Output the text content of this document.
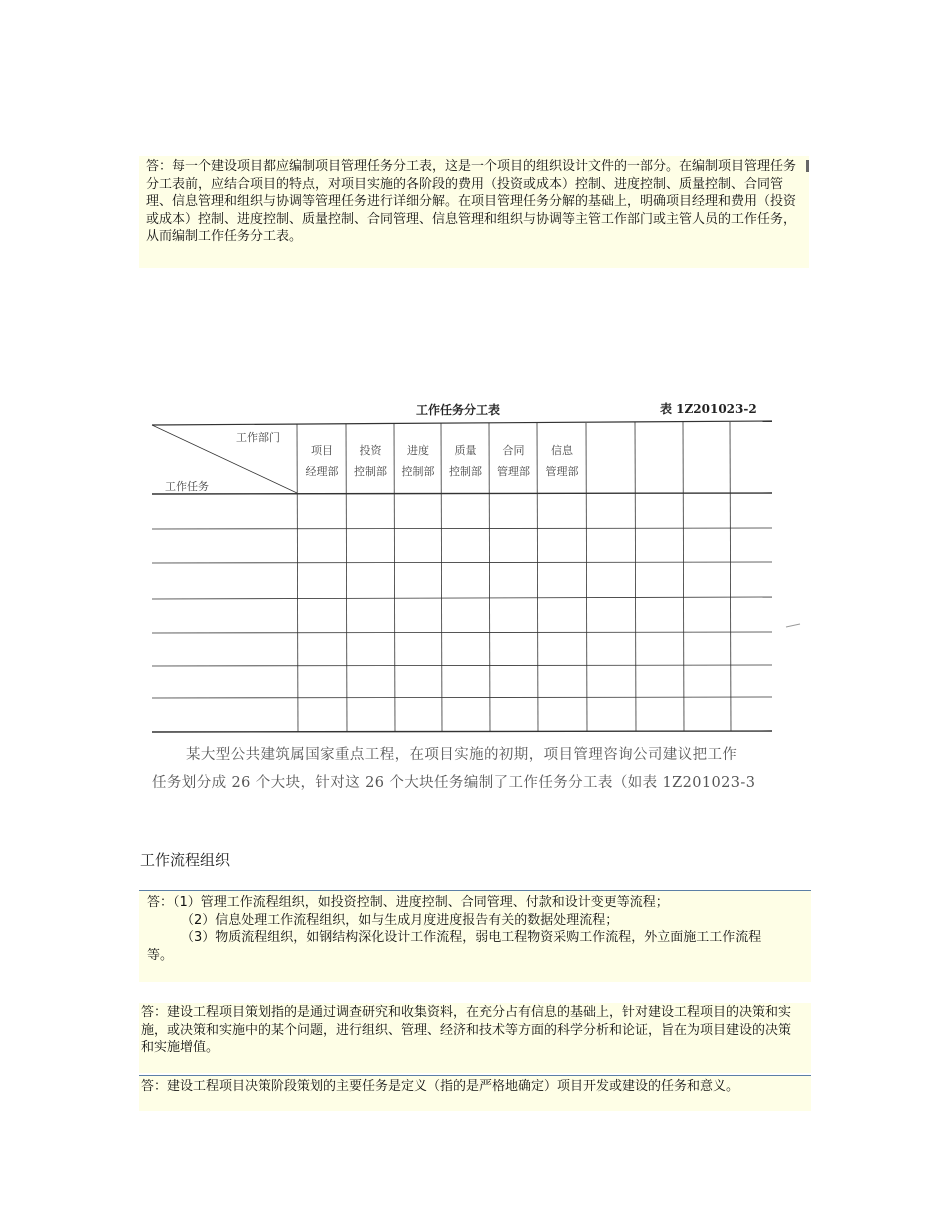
答：每一个建设项目都应编制项目管理任务分工表，这是一个项目的组织设计文件的一部分。在编制项目管理任务分工表前，应结合项目的特点，对项目实施的各阶段的费用（投资或成本）控制、进度控制、质量控制、合同管理、信息管理和组织与协调等管理任务进行详细分解。在项目管理任务分解的基础上，明确项目经理和费用（投资或成本）控制、进度控制、质量控制、合同管理、信息管理和组织与协调等主管工作部门或主管人员的工作任务，从而编制工作任务分工表。
工作任务分工表	表 1Z201023-2
工作部门
工作任务
项目
经理部
投资
控制部
进度
控制部
质量
控制部
合同
管理部
信息
管理部
某大型公共建筑属国家重点工程，在项目实施的初期，项目管理咨询公司建议把工作
任务划分成 26 个大块，针对这 26 个大块任务编制了工作任务分工表（如表 1Z201023-3
工作流程组织
答：（1）管理工作流程组织，如投资控制、进度控制、合同管理、付款和设计变更等流程；
（2）信息处理工作流程组织，如与生成月度进度报告有关的数据处理流程；
（3）物质流程组织，如钢结构深化设计工作流程，弱电工程物资采购工作流程，外立面施工工作流程
等。
答：建设工程项目策划指的是通过调查研究和收集资料，在充分占有信息的基础上，针对建设工程项目的决策和实施，或决策和实施中的某个问题，进行组织、管理、经济和技术等方面的科学分析和论证，旨在为项目建设的决策和实施增值。
答：建设工程项目决策阶段策划的主要任务是定义（指的是严格地确定）项目开发或建设的任务和意义。
